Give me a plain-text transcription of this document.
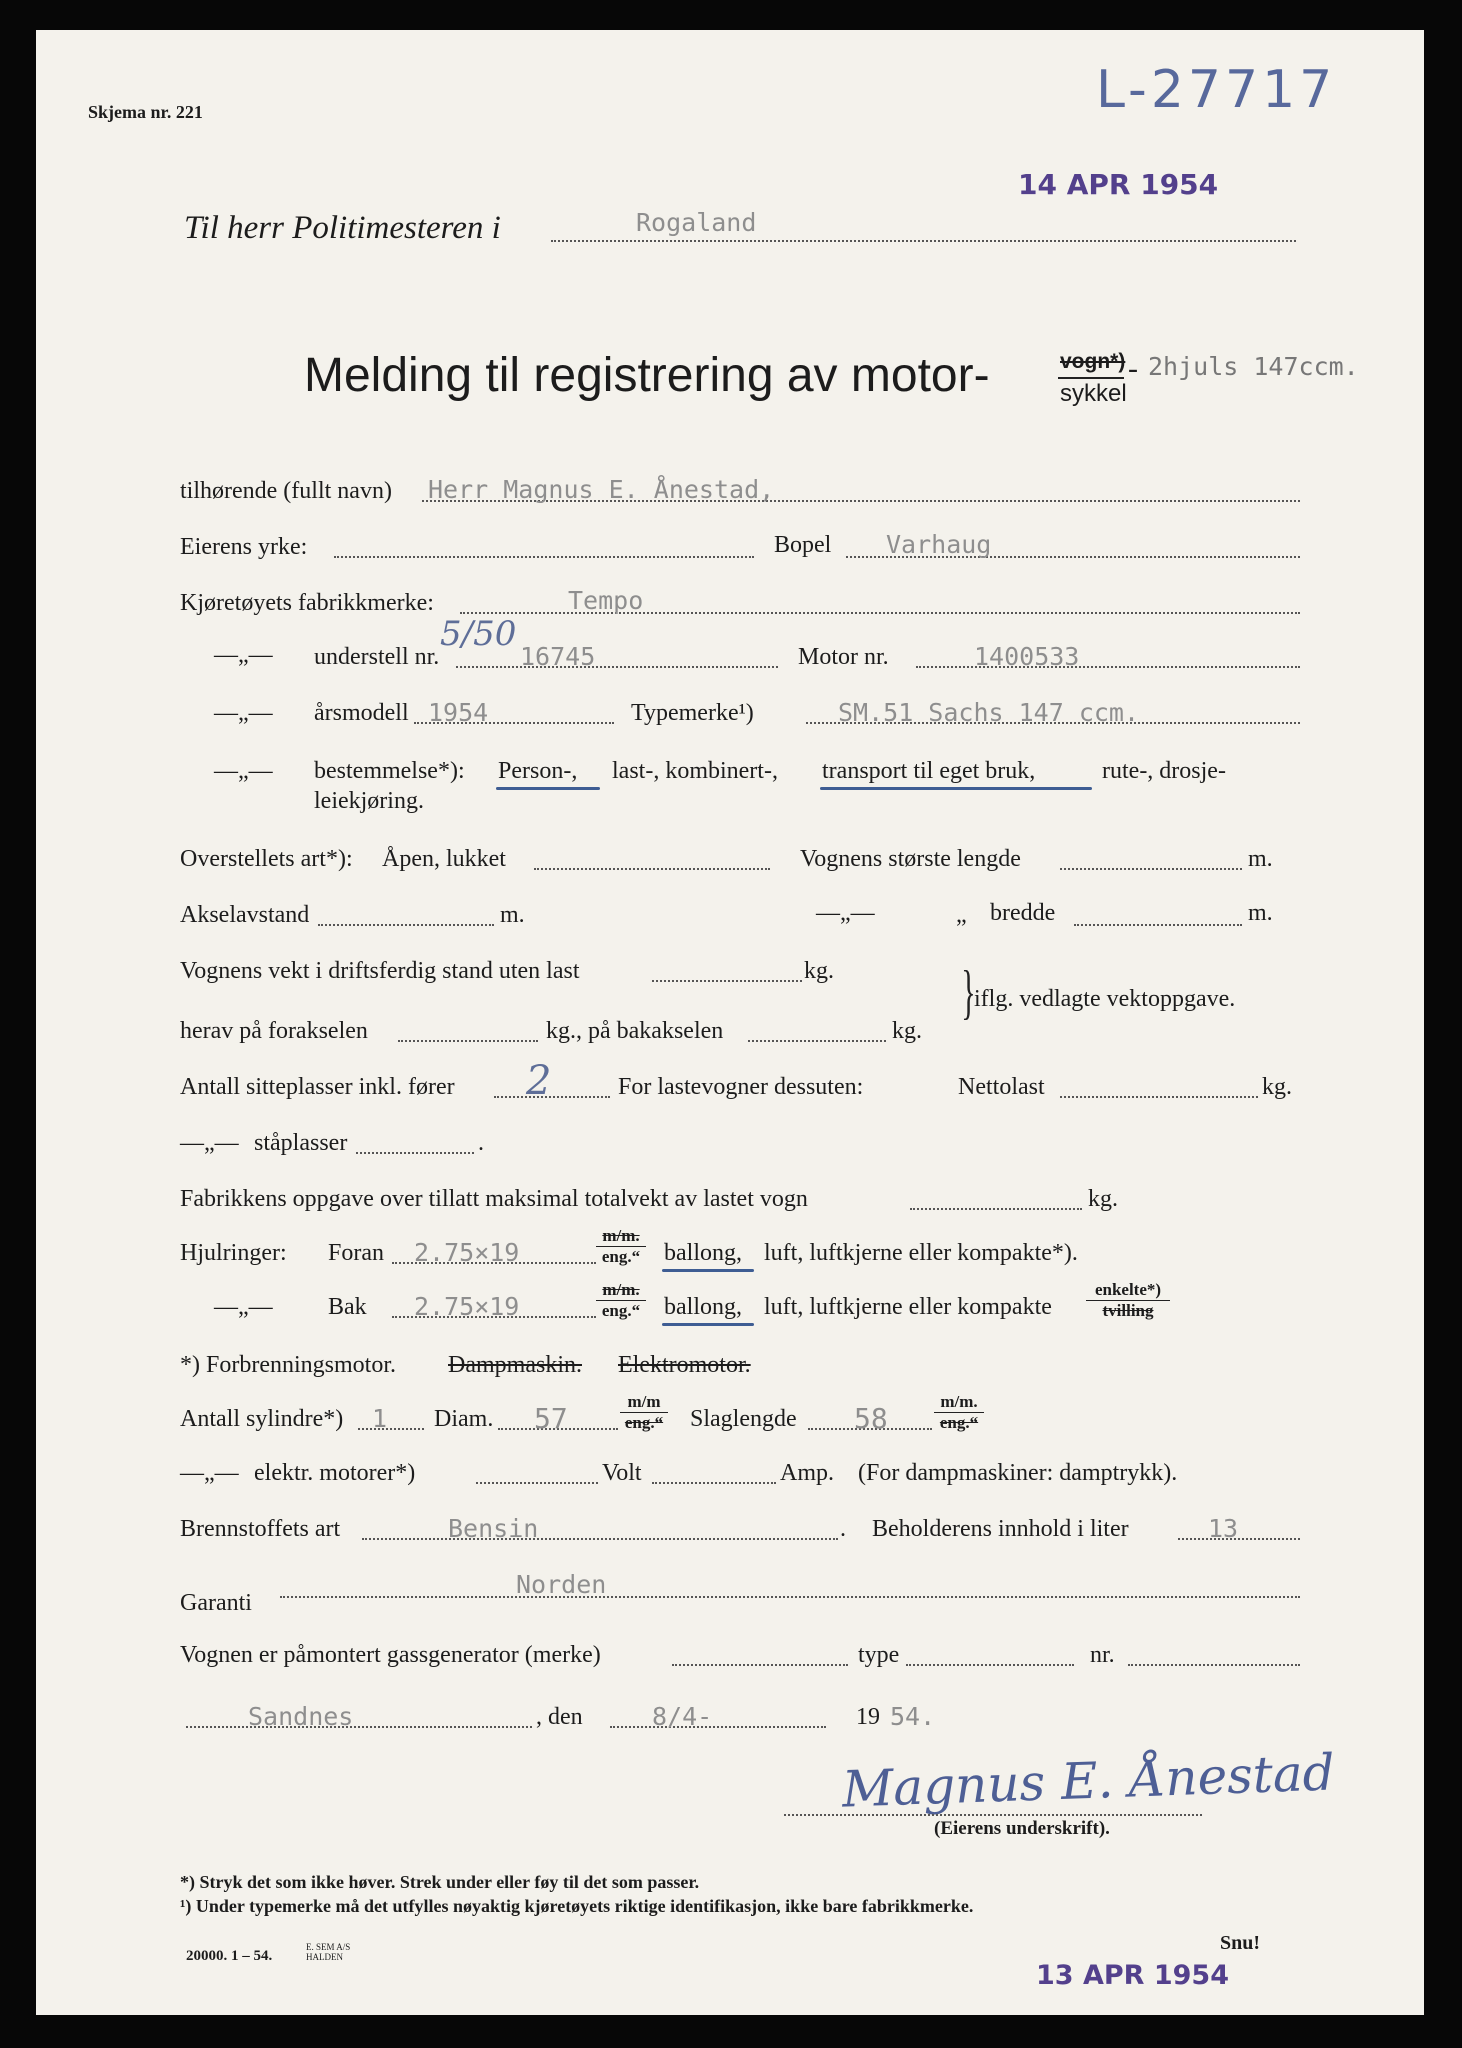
L-27717
14 APR 1954
Skjema nr. 221
Til herr Politimesteren i	Rogaland
Melding til registrering av motor-	vogn*)
sykkel
- 2hjuls 147ccm.
tilhørende (fullt navn) Herr Magnus E. Ånestad,
Eierens yrke:	Bopel Varhaug
Kjøretøyets fabrikkmerke:	Tempo
—„— understell nr.
5/50
16745	Motor nr.	1400533
—„— årsmodell 1954	Typemerke¹)	SM.51 Sachs 147 ccm.
—„— bestemmelse*): Person-, last-, kombinert-, transport til eget bruk,	rute-, drosje-
leiekjøring.
Overstellets art*): Åpen, lukket	Vognens største lengde	m.
Akselavstand	m.	—„—	„ bredde	m.
Vognens vekt i driftsferdig stand uten last	kg.
herav på forakselen	kg., på bakakselen	kg.
}
iflg. vedlagte vektoppgave.
Antall sitteplasser inkl. fører 2	For lastevogner dessuten:	Nettolast	kg.
—„— ståplasser	.
Fabrikkens oppgave over tillatt maksimal totalvekt av lastet vogn	kg.
Hjulringer: Foran 2.75×19
m/m.
eng.“ ballong, luft, luftkjerne eller kompakte*).
—„— Bak 2.75×19
m/m.
eng.“ ballong, luft, luftkjerne eller kompakte
enkelte*)
tvilling
*) Forbrenningsmotor. Dampmaskin. Elektromotor.
Antall sylindre*) 1 Diam. 57
m/m
eng.“ Slaglengde 58
m/m.
eng.“
—„— elektr. motorer*)	Volt	Amp. (For dampmaskiner: damptrykk).
Brennstoffets art	Bensin	. Beholderens innhold i liter	13
Garanti
Norden
Vognen er påmontert gassgenerator (merke)	type	nr.
Sandnes	, den	8/4-	19 54.
Magnus E. Ånestad
(Eierens underskrift).
*) Stryk det som ikke høver. Strek under eller føy til det som passer.
¹) Under typemerke må det utfylles nøyaktig kjøretøyets riktige identifikasjon, ikke bare fabrikkmerke.
20000. 1 – 54.
E. SEM A/S
HALDEN
13 APR 1954
Snu!
